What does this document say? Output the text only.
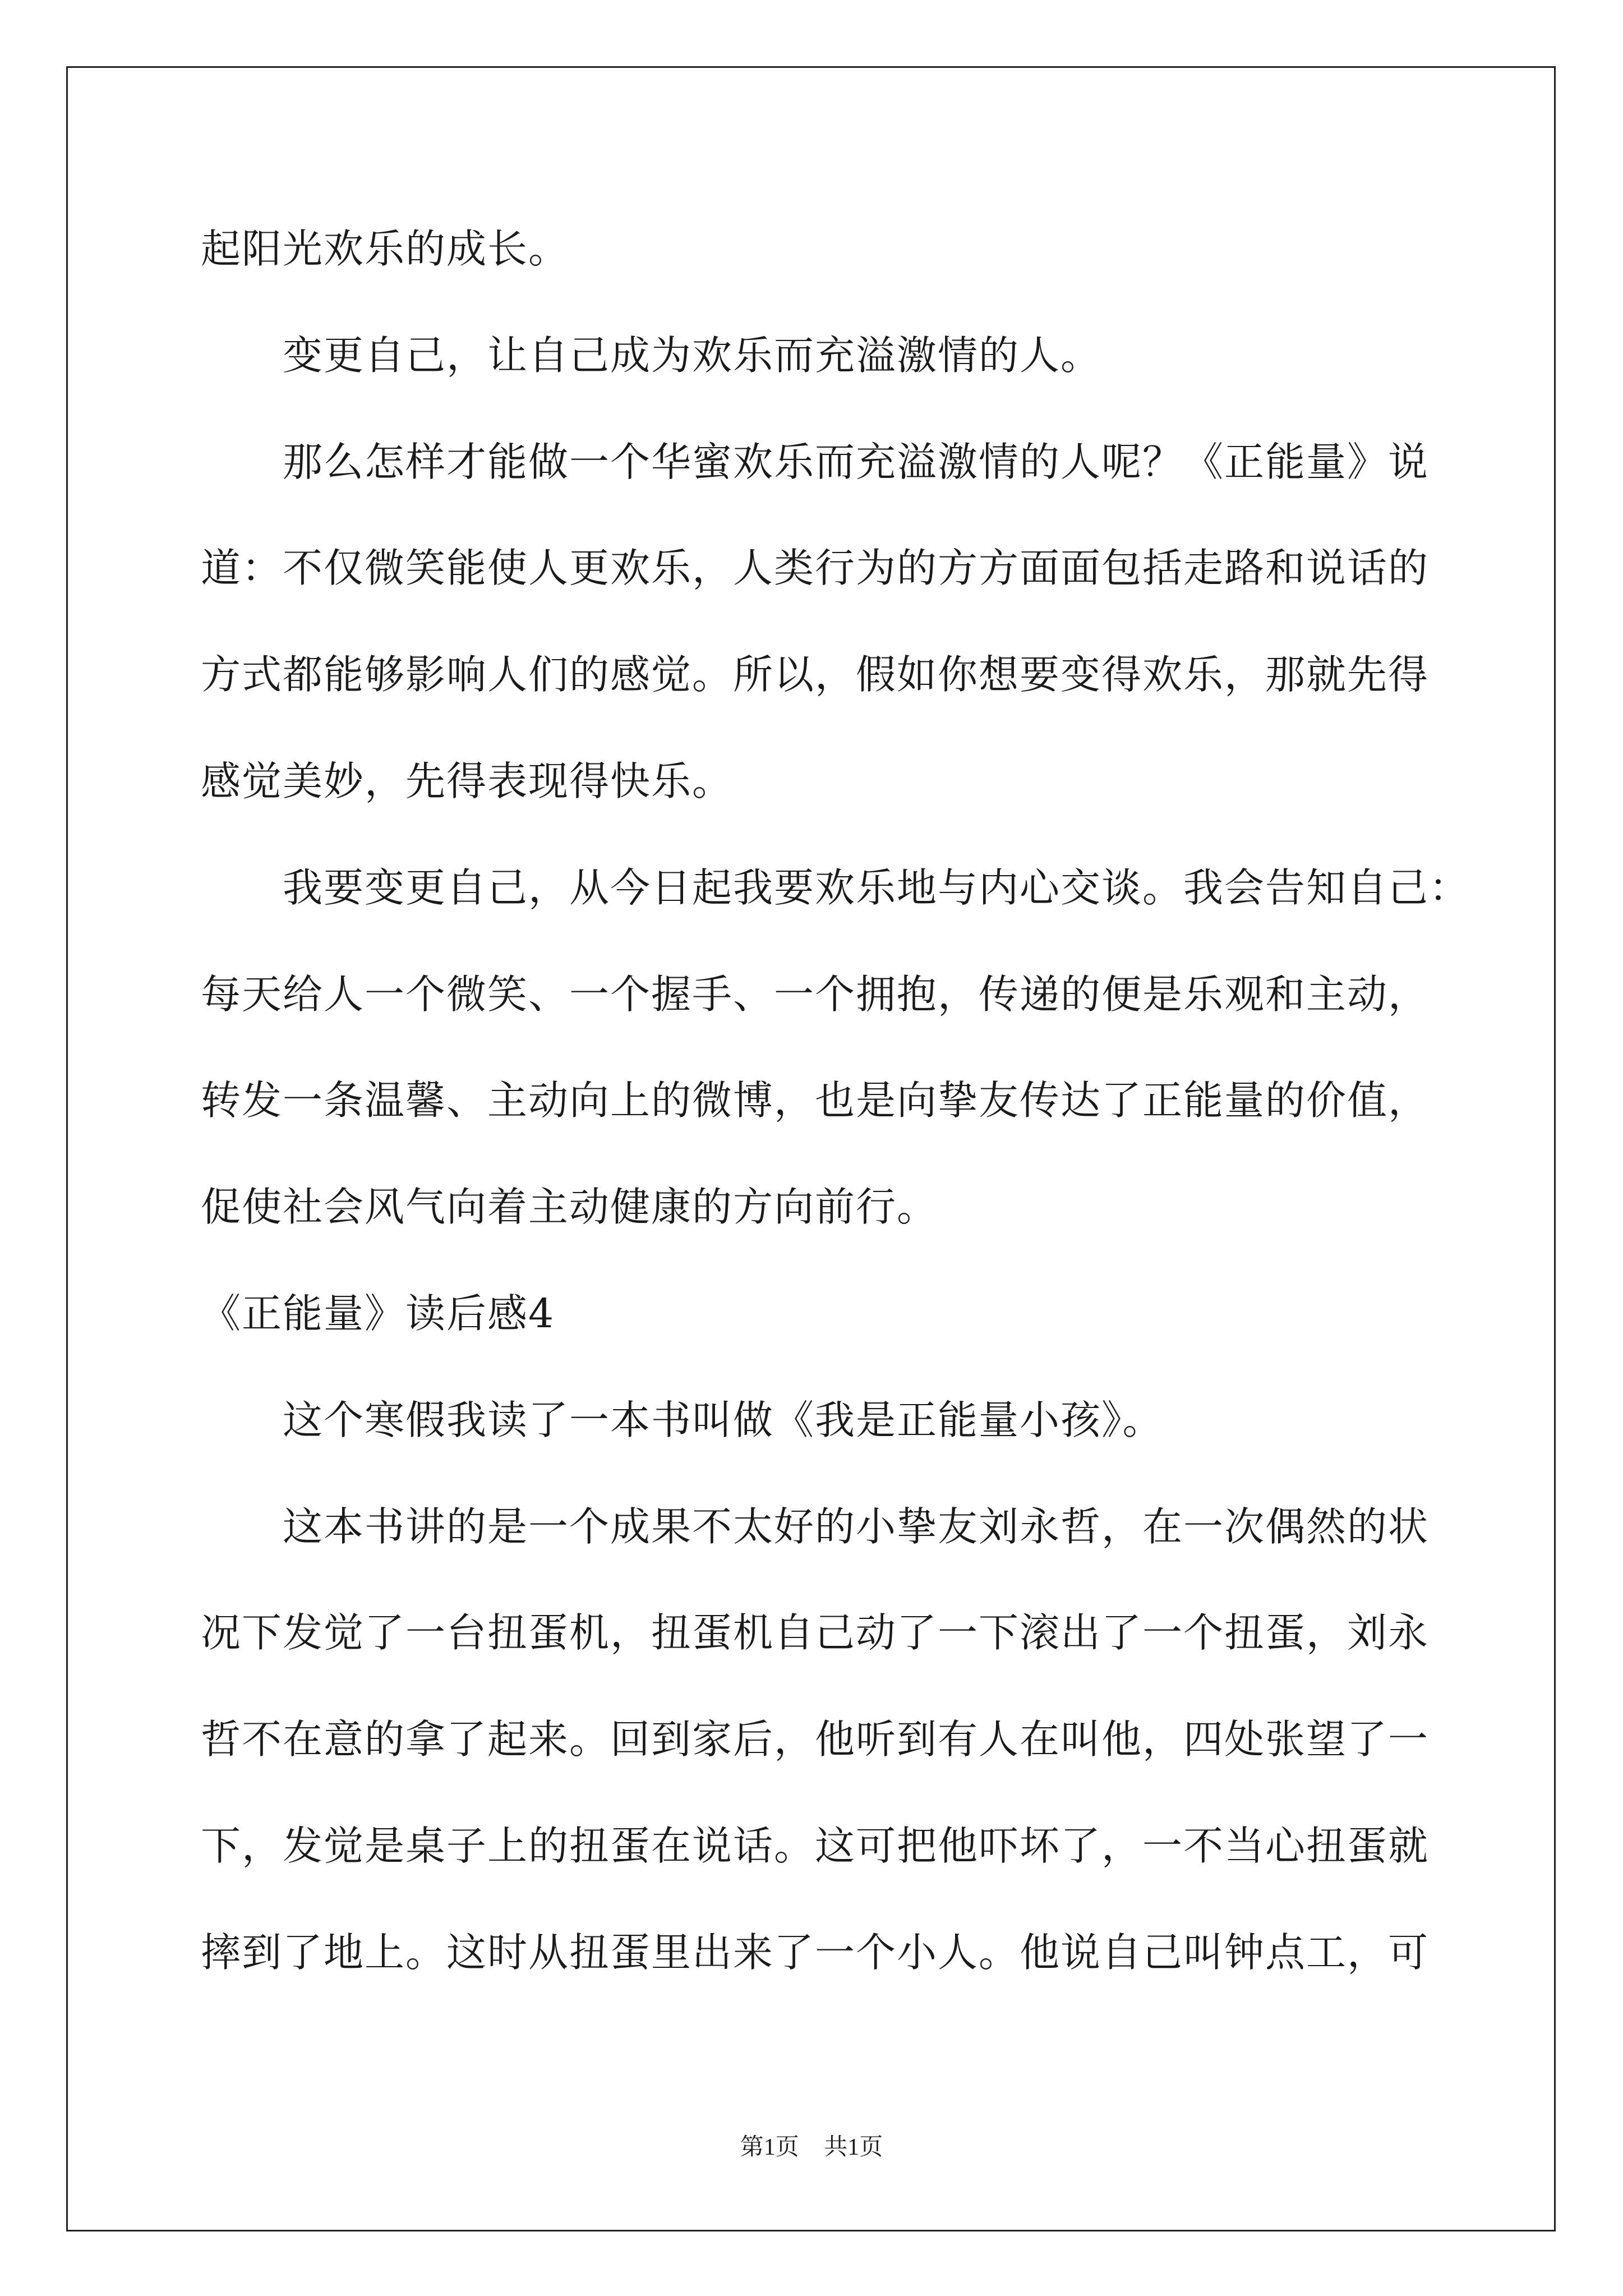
起阳光欢乐的成长。
变更自己，让自己成为欢乐而充溢激情的人。
那么怎样才能做一个华蜜欢乐而充溢激情的人呢？《正能量》说
道：不仅微笑能使人更欢乐，人类行为的方方面面包括走路和说话的
方式都能够影响人们的感觉。所以，假如你想要变得欢乐，那就先得
感觉美妙，先得表现得快乐。
我要变更自己，从今日起我要欢乐地与内心交谈。我会告知自己：
每天给人一个微笑、一个握手、一个拥抱，传递的便是乐观和主动，
转发一条温馨、主动向上的微博，也是向挚友传达了正能量的价值，
促使社会风气向着主动健康的方向前行。
《正能量》读后感4
这个寒假我读了一本书叫做《我是正能量小孩》。
这本书讲的是一个成果不太好的小挚友刘永哲，在一次偶然的状
况下发觉了一台扭蛋机，扭蛋机自己动了一下滚出了一个扭蛋，刘永
哲不在意的拿了起来。回到家后，他听到有人在叫他，四处张望了一
下，发觉是桌子上的扭蛋在说话。这可把他吓坏了，一不当心扭蛋就
摔到了地上。这时从扭蛋里出来了一个小人。他说自己叫钟点工，可
第1页 共1页
